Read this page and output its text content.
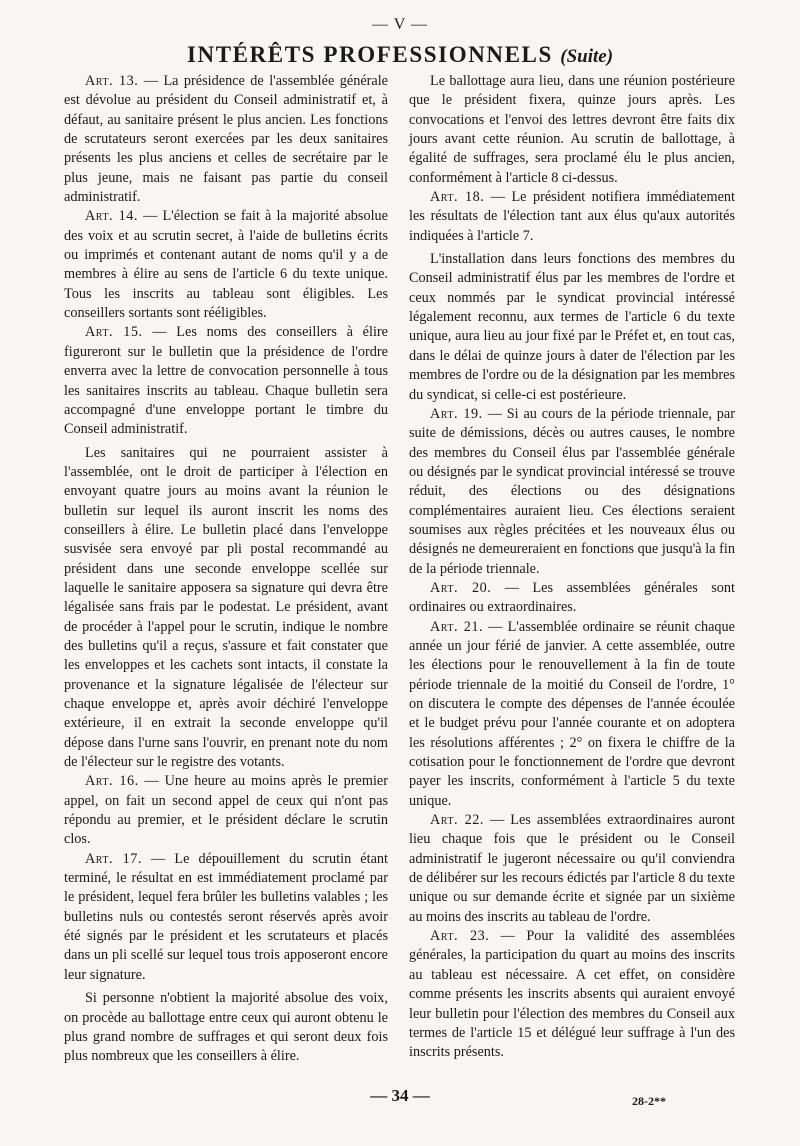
— V —
INTÉRÊTS PROFESSIONNELS (Suite)

Art. 13. — La présidence de l'assemblée générale est dévolue au président du Conseil administratif et, à défaut, au sanitaire présent le plus ancien. Les fonctions de scrutateurs seront exercées par les deux sanitaires présents les plus anciens et celles de secrétaire par le plus jeune, mais ne faisant pas partie du conseil administratif.

Art. 14. — L'élection se fait à la majorité absolue des voix et au scrutin secret, à l'aide de bulletins écrits ou imprimés et contenant autant de noms qu'il y a de membres à élire au sens de l'article 6 du texte unique. Tous les inscrits au tableau sont éligibles. Les conseillers sortants sont rééligibles.

Art. 15. — Les noms des conseillers à élire figureront sur le bulletin que la présidence de l'ordre enverra avec la lettre de convocation personnelle à tous les sanitaires inscrits au tableau. Chaque bulletin sera accompagné d'une enveloppe portant le timbre du Conseil administratif.

Les sanitaires qui ne pourraient assister à l'assemblée, ont le droit de participer à l'élection en envoyant quatre jours au moins avant la réunion le bulletin sur lequel ils auront inscrit les noms des conseillers à élire. Le bulletin placé dans l'enveloppe susvisée sera envoyé par pli postal recommandé au président dans une seconde enveloppe scellée sur laquelle le sanitaire apposera sa signature qui devra être légalisée sans frais par le podestat. Le président, avant de procéder à l'appel pour le scrutin, indique le nombre des bulletins qu'il a reçus, s'assure et fait constater que les enveloppes et les cachets sont intacts, il constate la provenance et la signature légalisée de l'électeur sur chaque enveloppe et, après avoir déchiré l'enveloppe extérieure, il en extrait la seconde enveloppe qu'il dépose dans l'urne sans l'ouvrir, en prenant note du nom de l'électeur sur le registre des votants.

Art. 16. — Une heure au moins après le premier appel, on fait un second appel de ceux qui n'ont pas répondu au premier, et le président déclare le scrutin clos.

Art. 17. — Le dépouillement du scrutin étant terminé, le résultat en est immédiatement proclamé par le président, lequel fera brûler les bulletins valables ; les bulletins nuls ou contestés seront réservés après avoir été signés par le président et les scrutateurs et placés dans un pli scellé sur lequel tous trois apposeront encore leur signature.

Si personne n'obtient la majorité absolue des voix, on procède au ballottage entre ceux qui auront obtenu le plus grand nombre de suffrages et qui seront deux fois plus nombreux que les conseillers à élire.

Le ballottage aura lieu, dans une réunion postérieure que le président fixera, quinze jours après. Les convocations et l'envoi des lettres devront être faits dix jours avant cette réunion. Au scrutin de ballottage, à égalité de suffrages, sera proclamé élu le plus ancien, conformément à l'article 8 ci-dessus.

Art. 18. — Le président notifiera immédiatement les résultats de l'élection tant aux élus qu'aux autorités indiquées à l'article 7.

L'installation dans leurs fonctions des membres du Conseil administratif élus par les membres de l'ordre et ceux nommés par le syndicat provincial intéressé légalement reconnu, aux termes de l'article 6 du texte unique, aura lieu au jour fixé par le Préfet et, en tout cas, dans le délai de quinze jours à dater de l'élection par les membres de l'ordre ou de la désignation par les membres du syndicat, si celle-ci est postérieure.

Art. 19. — Si au cours de la période triennale, par suite de démissions, décès ou autres causes, le nombre des membres du Conseil élus par l'assemblée générale ou désignés par le syndicat provincial intéressé se trouve réduit, des élections ou des désignations complémentaires auraient lieu. Ces élections seraient soumises aux règles précitées et les nouveaux élus ou désignés ne demeureraient en fonctions que jusqu'à la fin de la période triennale.

Art. 20. — Les assemblées générales sont ordinaires ou extraordinaires.

Art. 21. — L'assemblée ordinaire se réunit chaque année un jour férié de janvier. A cette assemblée, outre les élections pour le renouvellement à la fin de toute période triennale de la moitié du Conseil de l'ordre, 1° on discutera le compte des dépenses de l'année écoulée et le budget prévu pour l'année courante et on adoptera les résolutions afférentes ; 2° on fixera le chiffre de la cotisation pour le fonctionnement de l'ordre que devront payer les inscrits, conformément à l'article 5 du texte unique.

Art. 22. — Les assemblées extraordinaires auront lieu chaque fois que le président ou le Conseil administratif le jugeront nécessaire ou qu'il conviendra de délibérer sur les recours édictés par l'article 8 du texte unique ou sur demande écrite et signée par un sixième au moins des inscrits au tableau de l'ordre.

Art. 23. — Pour la validité des assemblées générales, la participation du quart au moins des inscrits au tableau est nécessaire. A cet effet, on considère comme présents les inscrits absents qui auraient envoyé leur bulletin pour l'élection des membres du Conseil aux termes de l'article 15 et délégué leur suffrage à l'un des inscrits présents.

— 34 —	28-2**
